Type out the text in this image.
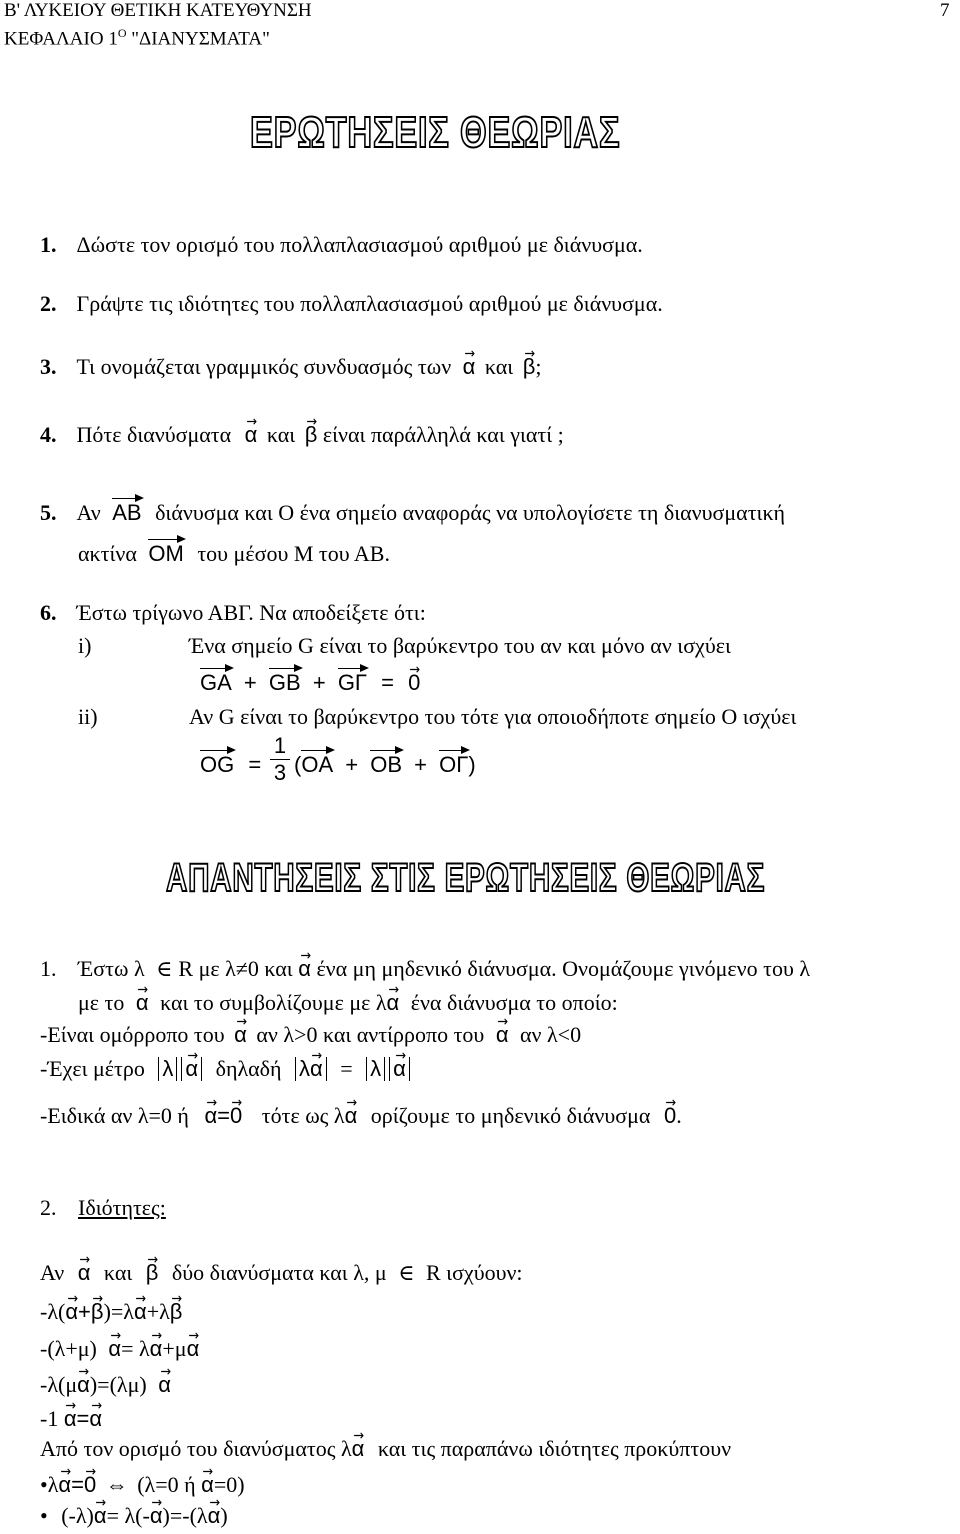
Β' ΛΥΚΕΙΟΥ ΘΕΤΙΚΗ ΚΑΤΕΥΘΥΝΣΗ
ΚΕΦΑΛΑΙΟ $1^O$ "ΔΙΑΝΥΣΜΑΤΑ"
7
ΕΡΩΤΗΣΕΙΣ ΘΕΩΡΙΑΣ
1. Δώστε τον ορισμό του πολλαπλασιασμού αριθμού με διάνυσμα.
2. Γράψτε τις ιδιότητες του πολλαπλασιασμού αριθμού με διάνυσμα.
3. Τι ονομάζεται γραμμικός συνδυασμός των α → και β →;
4. Πότε διανύσματα α → και β → είναι παράλληλά και γιατί ;
5. Αν AB διάνυσμα και Ο ένα σημείο αναφοράς να υπολογίσετε τη διανυσματική
ακτίνα OM του μέσου Μ του ΑΒ.
6. Έστω τρίγωνο ΑΒΓ. Να αποδείξετε ότι:
i)	Ένα σημείο G είναι το βαρύκεντρο του αν και μόνο αν ισχύει
GA + GB + GΓ = 0 →
ii)	Αν G είναι το βαρύκεντρο του τότε για οποιοδήποτε σημείο Ο ισχύει
OG =
1
3 (OA + OB + OΓ)
ΑΠΑΝΤΗΣΕΙΣ ΣΤΙΣ ΕΡΩΤΗΣΕΙΣ ΘΕΩΡΙΑΣ
1. Έστω λ ∈ R με λ≠0 και α → ένα μη μηδενικό διάνυσμα. Ονομάζουμε γινόμενο του λ
με το α → και το συμβολίζουμε με λα → ένα διάνυσμα το οποίο:
-Είναι ομόρροπο του α → αν λ>0 και αντίρροπο του α → αν λ<0
-Έχει μέτρο λ α → δηλαδή λα → = λ α →
-Ειδικά αν λ=0 ή α →=0 → τότε ως λα → ορίζουμε το μηδενικό διάνυσμα 0 →.
2. Ιδιότητες:
Αν α → και β → δύο διανύσματα και λ, μ ∈ R ισχύουν:
-λ(α →+β →)=λα →+λβ →
-(λ+μ) α →= λα →+μα →
-λ(μα →)=(λμ) α →
-1 α →=α →
Από τον ορισμό του διανύσματος λα → και τις παραπάνω ιδιότητες προκύπτουν
•λα →=0 → ⇔ (λ=0 ή α →=0)
• (-λ)α →= λ(-α →)=-(λα →)
